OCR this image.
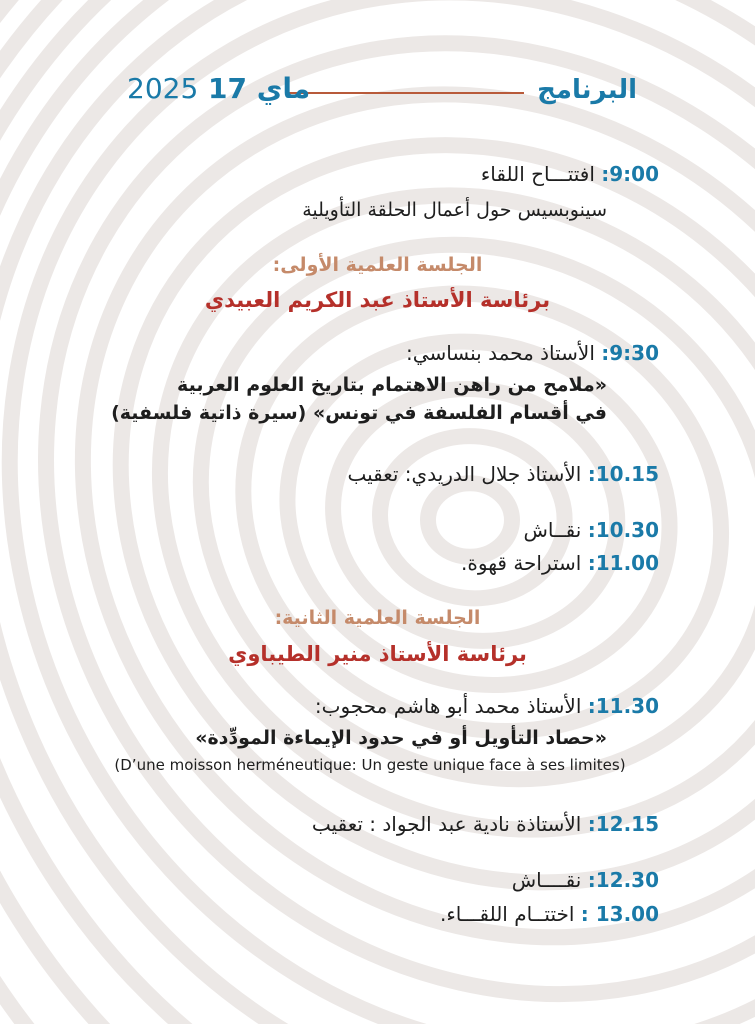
البرنامج
2025 17 ماي
9:00: افتتـــاح اللقاء
سينوبسيس حول أعمال الحلقة التأويلية
الجلسة العلمية الأولى:
برئاسة الأستاذ عبد الكريم العبيدي
9:30: الأستاذ محمد بنساسي:
«ملامح من راهن الاهتمام بتاريخ العلوم العربية
في أقسام الفلسفة في تونس» (سيرة ذاتية فلسفية)
10.15: الأستاذ جلال الدريدي: تعقيب
10.30: نقــاش
11.00: استراحة قهوة.
الجلسة العلمية الثانية:
برئاسة الأستاذ منير الطيباوي
11.30: الأستاذ محمد أبو هاشم محجوب:
«حصاد التأويل أو في حدود الإيماءة المودِّدة»
(D’une moisson herméneutique: Un geste unique face à ses limites)
12.15: الأستاذة نادية عبد الجواد : تعقيب
12.30: نقــــاش
13.00 : اختتــام اللقـــاء.
